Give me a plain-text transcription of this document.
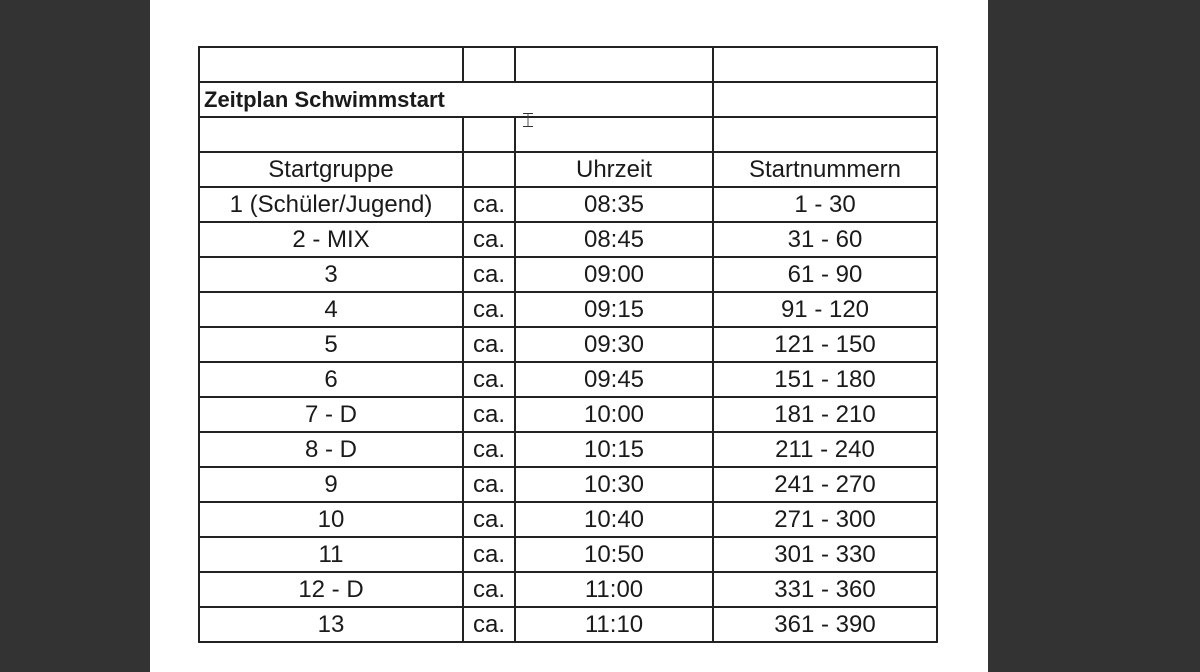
Zeitplan Schwimmstart			

Startgruppe		Uhrzeit	Startnummern
1 (Schüler/Jugend)	ca.	08:35	1 - 30
2 - MIX	ca.	08:45	31 - 60
3	ca.	09:00	61 - 90
4	ca.	09:15	91 - 120
5	ca.	09:30	121 - 150
6	ca.	09:45	151 - 180
7 - D	ca.	10:00	181 - 210
8 - D	ca.	10:15	211 - 240
9	ca.	10:30	241 - 270
10	ca.	10:40	271 - 300
11	ca.	10:50	301 - 330
12 - D	ca.	11:00	331 - 360
13	ca.	11:10	361 - 390
⌶
